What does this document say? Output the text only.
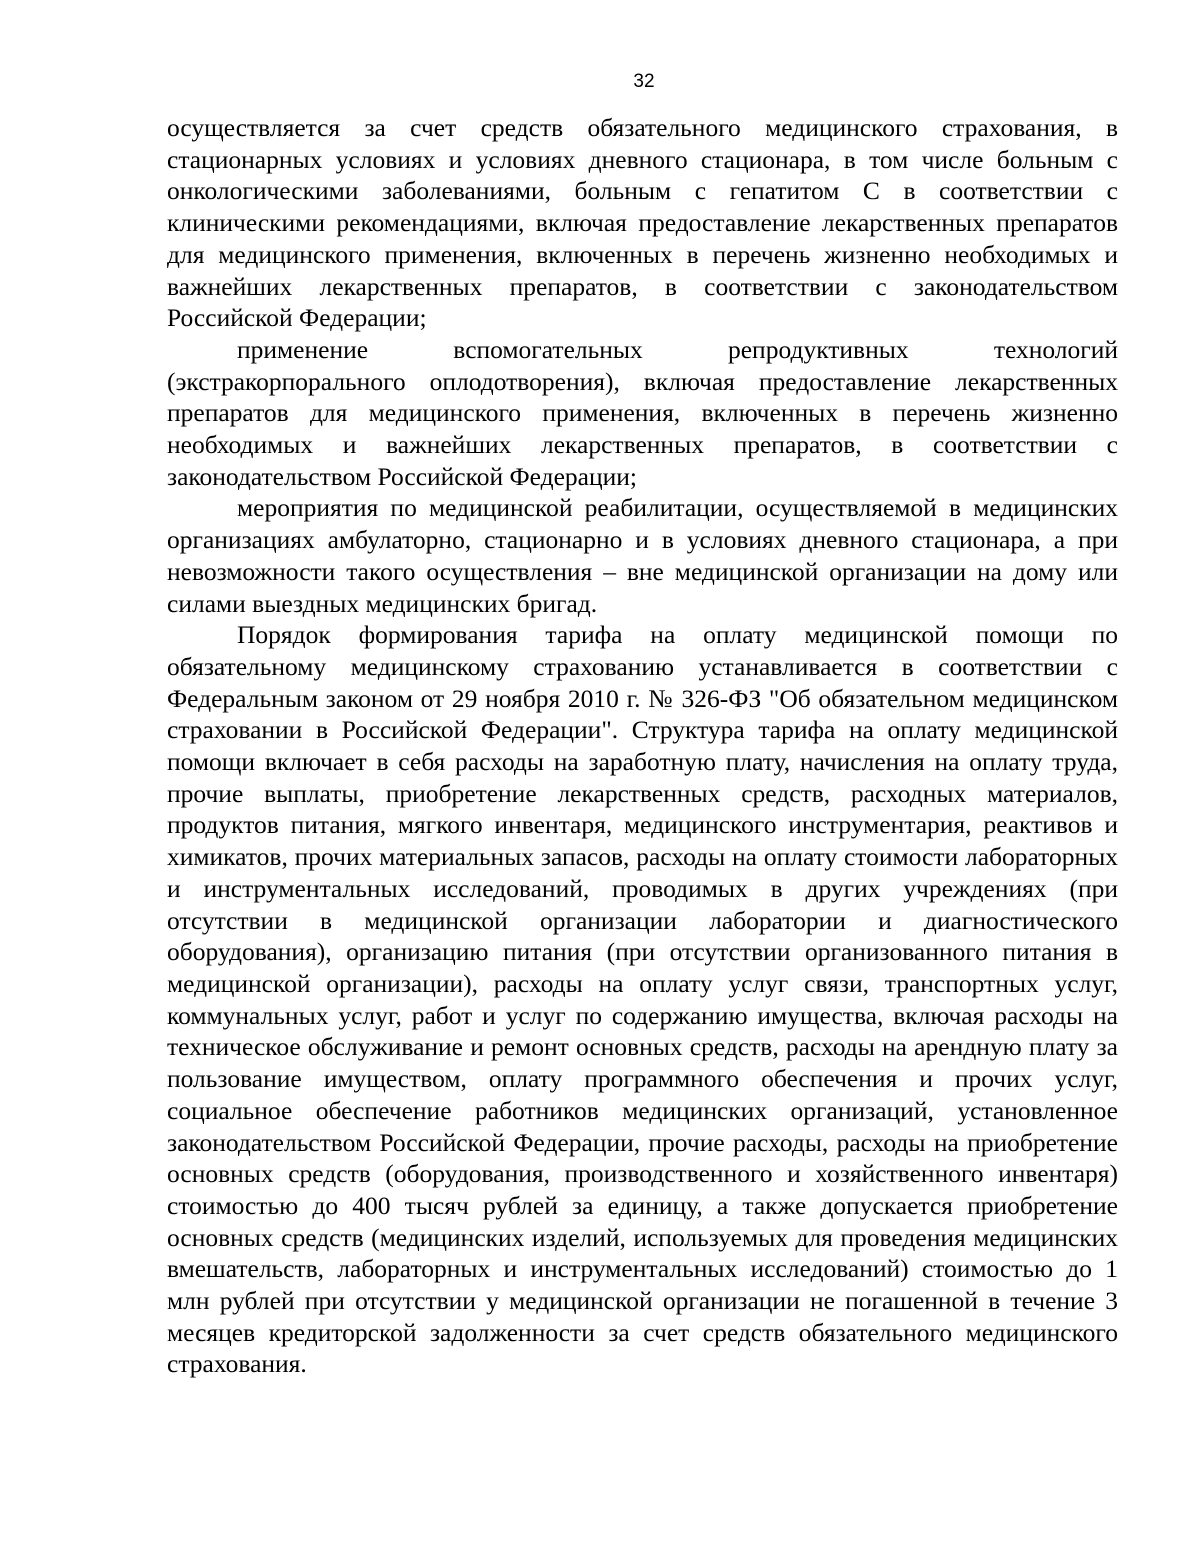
32

осуществляется за счет средств обязательного медицинского страхования, в стационарных условиях и условиях дневного стационара, в том числе больным с онкологическими заболеваниями, больным с гепатитом С в соответствии с клиническими рекомендациями, включая предоставление лекарственных препаратов для медицинского применения, включенных в перечень жизненно необходимых и важнейших лекарственных препаратов, в соответствии с законодательством Российской Федерации;

применение вспомогательных репродуктивных технологий (экстракорпорального оплодотворения), включая предоставление лекарственных препаратов для медицинского применения, включенных в перечень жизненно необходимых и важнейших лекарственных препаратов, в соответствии с законодательством Российской Федерации;

мероприятия по медицинской реабилитации, осуществляемой в медицинских организациях амбулаторно, стационарно и в условиях дневного стационара, а при невозможности такого осуществления – вне медицинской организации на дому или силами выездных медицинских бригад.

Порядок формирования тарифа на оплату медицинской помощи по обязательному медицинскому страхованию устанавливается в соответствии с Федеральным законом от 29 ноября 2010 г. № 326-ФЗ "Об обязательном медицинском страховании в Российской Федерации". Структура тарифа на оплату медицинской помощи включает в себя расходы на заработную плату, начисления на оплату труда, прочие выплаты, приобретение лекарственных средств, расходных материалов, продуктов питания, мягкого инвентаря, медицинского инструментария, реактивов и химикатов, прочих материальных запасов, расходы на оплату стоимости лабораторных и инструментальных исследований, проводимых в других учреждениях (при отсутствии в медицинской организации лаборатории и диагностического оборудования), организацию питания (при отсутствии организованного питания в медицинской организации), расходы на оплату услуг связи, транспортных услуг, коммунальных услуг, работ и услуг по содержанию имущества, включая расходы на техническое обслуживание и ремонт основных средств, расходы на арендную плату за пользование имуществом, оплату программного обеспечения и прочих услуг, социальное обеспечение работников медицинских организаций, установленное законодательством Российской Федерации, прочие расходы, расходы на приобретение основных средств (оборудования, производственного и хозяйственного инвентаря) стоимостью до 400 тысяч рублей за единицу, а также допускается приобретение основных средств (медицинских изделий, используемых для проведения медицинских вмешательств, лабораторных и инструментальных исследований) стоимостью до 1 млн рублей при отсутствии у медицинской организации не погашенной в течение 3 месяцев кредиторской задолженности за счет средств обязательного медицинского страхования.
